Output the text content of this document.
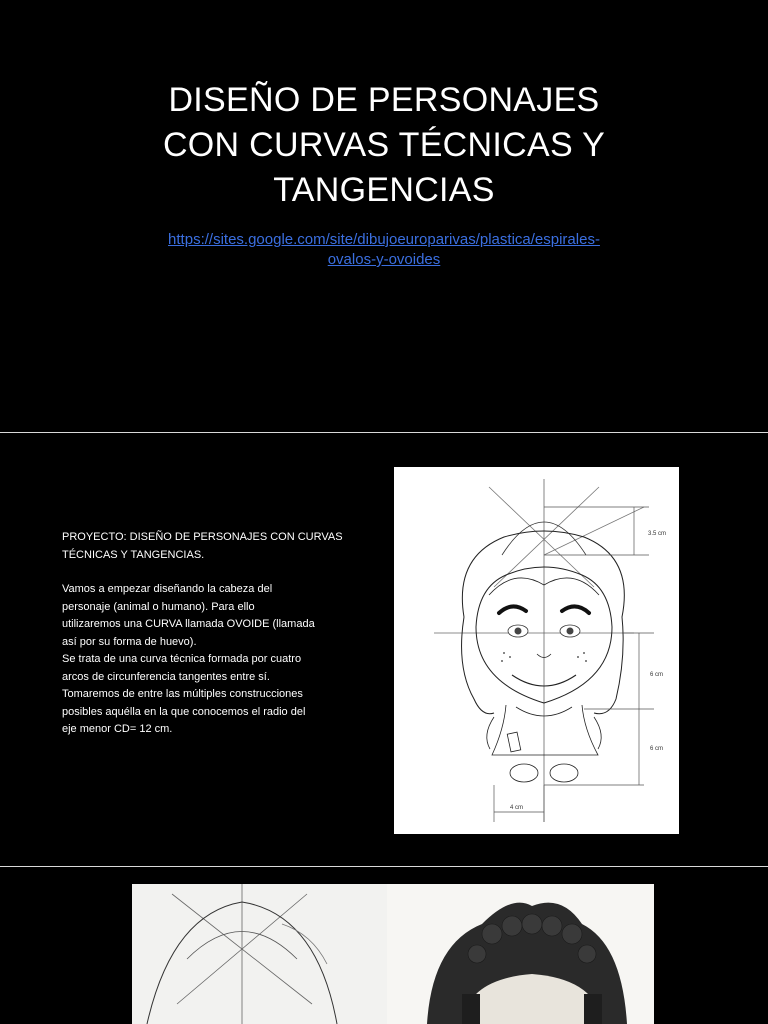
DISEÑO DE PERSONAJES
CON CURVAS TÉCNICAS Y
TANGENCIAS
https://sites.google.com/site/dibujoeuroparivas/plastica/espirales-
ovalos-y-ovoides
PROYECTO: DISEÑO DE PERSONAJES CON CURVAS
TÉCNICAS Y TANGENCIAS.
Vamos a empezar diseñando la cabeza del
personaje (animal o humano). Para ello
utilizaremos una CURVA llamada OVOIDE (llamada
así por su forma de huevo).
Se trata de una curva técnica formada por cuatro
arcos de circunferencia tangentes entre sí.
Tomaremos de entre las múltiples construcciones
posibles aquélla en la que conocemos el radio del
eje menor CD= 12 cm.
3.5 cm
6 cm
6 cm
4 cm
